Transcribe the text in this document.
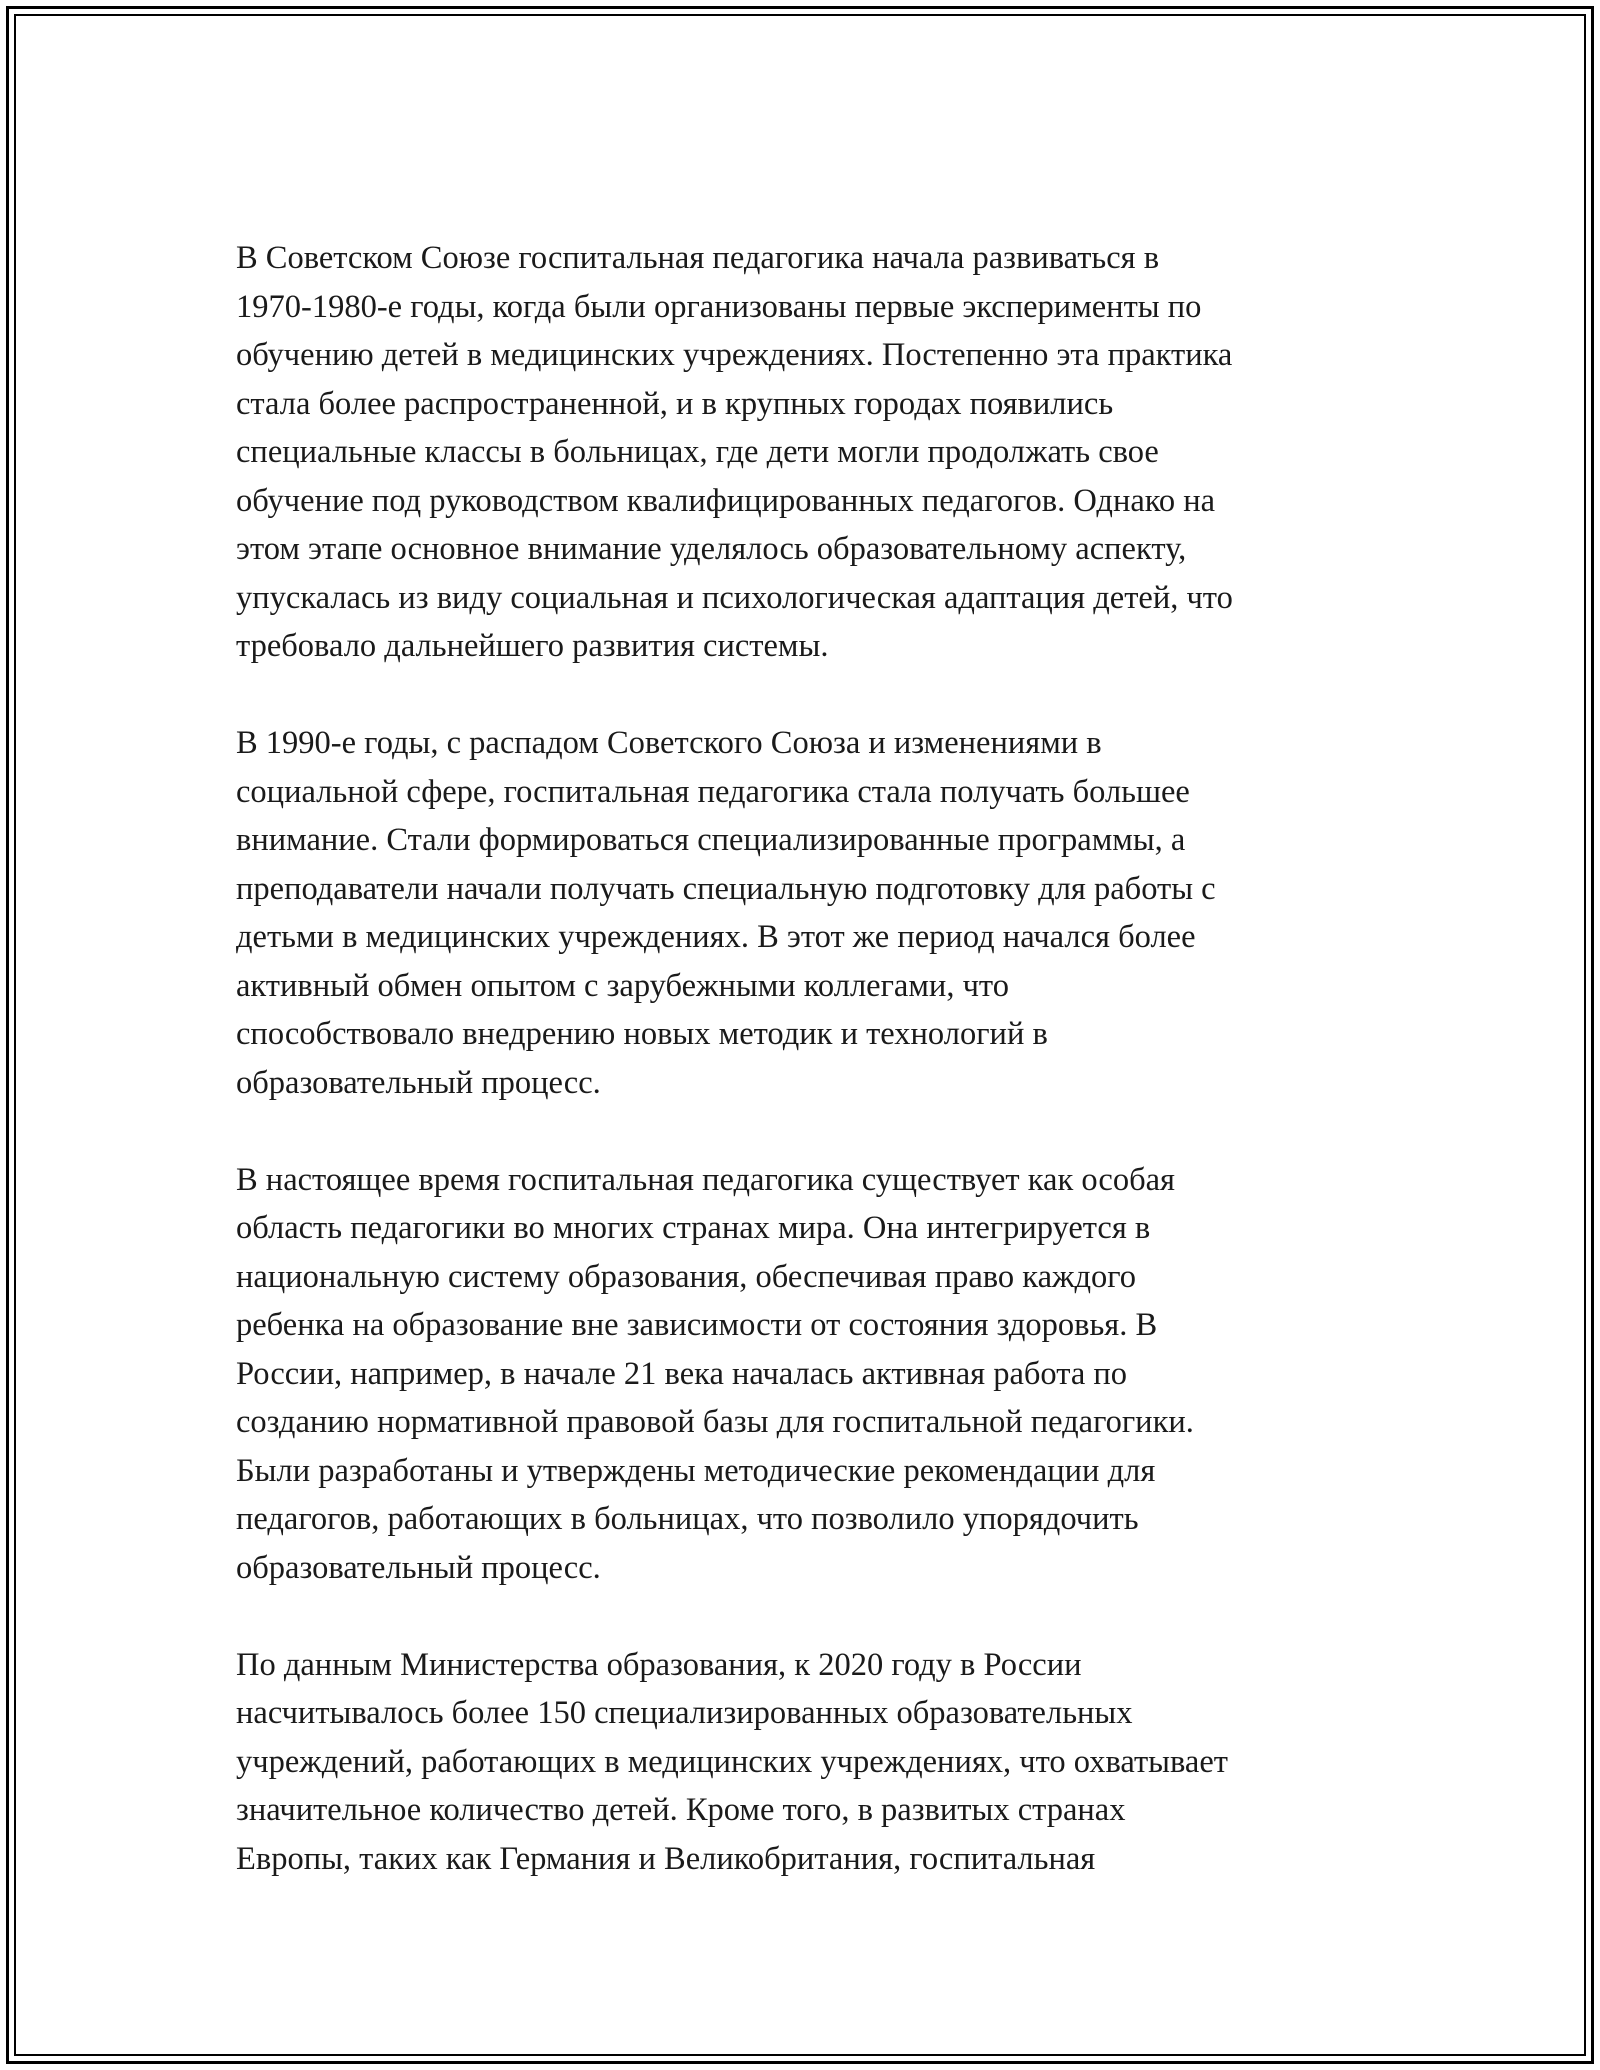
В Советском Союзе госпитальная педагогика начала развиваться в
1970-1980-е годы, когда были организованы первые эксперименты по
обучению детей в медицинских учреждениях. Постепенно эта практика
стала более распространенной, и в крупных городах появились
специальные классы в больницах, где дети могли продолжать свое
обучение под руководством квалифицированных педагогов. Однако на
этом этапе основное внимание уделялось образовательному аспекту,
упускалась из виду социальная и психологическая адаптация детей, что
требовало дальнейшего развития системы.

В 1990-е годы, с распадом Советского Союза и изменениями в
социальной сфере, госпитальная педагогика стала получать большее
внимание. Стали формироваться специализированные программы, а
преподаватели начали получать специальную подготовку для работы с
детьми в медицинских учреждениях. В этот же период начался более
активный обмен опытом с зарубежными коллегами, что
способствовало внедрению новых методик и технологий в
образовательный процесс.

В настоящее время госпитальная педагогика существует как особая
область педагогики во многих странах мира. Она интегрируется в
национальную систему образования, обеспечивая право каждого
ребенка на образование вне зависимости от состояния здоровья. В
России, например, в начале 21 века началась активная работа по
созданию нормативной правовой базы для госпитальной педагогики.
Были разработаны и утверждены методические рекомендации для
педагогов, работающих в больницах, что позволило упорядочить
образовательный процесс.

По данным Министерства образования, к 2020 году в России
насчитывалось более 150 специализированных образовательных
учреждений, работающих в медицинских учреждениях, что охватывает
значительное количество детей. Кроме того, в развитых странах
Европы, таких как Германия и Великобритания, госпитальная
